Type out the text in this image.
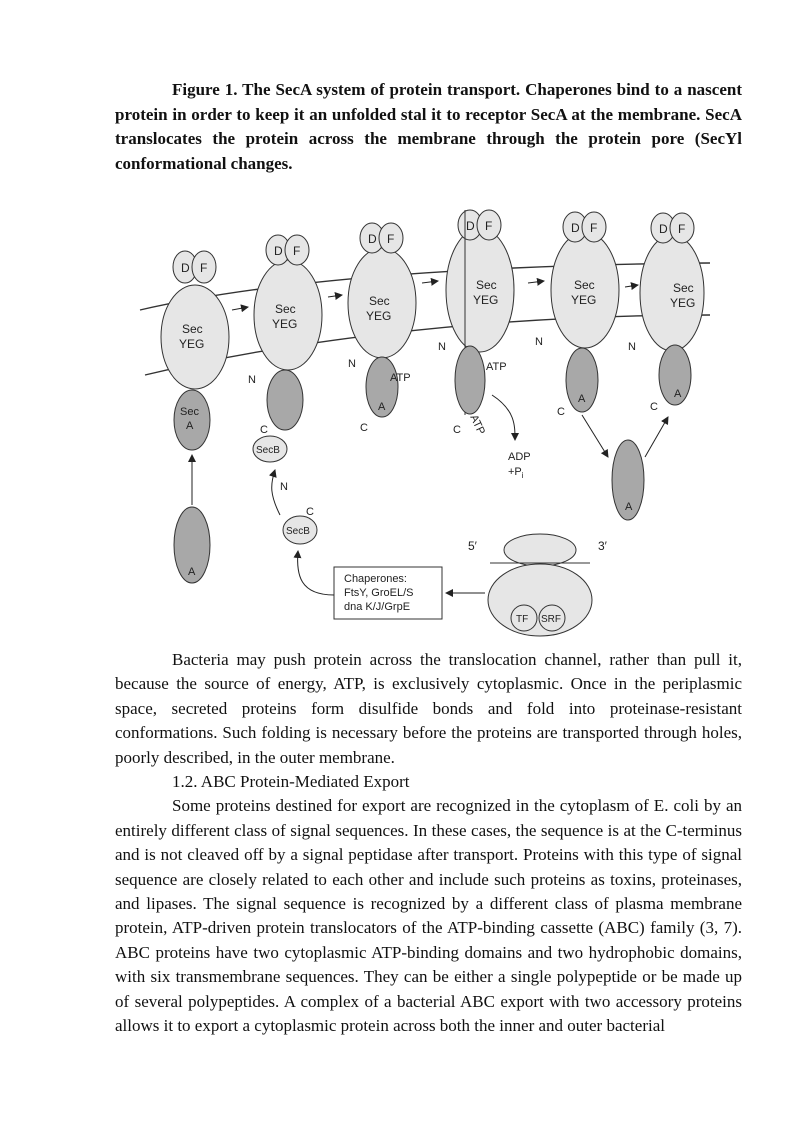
Figure 1. The SecA system of protein transport. Chaperones bind to a nascent protein in order to keep it an unfolded stal it to receptor SecA at the membrane. SecA translocates the protein across the membrane through the protein pore (SecYl conformational changes.
D F
Sec
YEG
Sec
A
A
D F
Sec
YEG
N
C
SecB
SecB
N
C
D F
Sec
YEG
A
ATP
N
C
D F
Sec
YEG
ATP
ATP
N
C
ADP
$+P_i$
D F
Sec
YEG
A
N
C
A
D F
Sec
YEG
A
N
C
5′	3′
TF SRF
Chaperones:
FtsY, GroEL/S
dna K/J/GrpE

Bacteria may push protein across the translocation channel, rather than pull it, because the source of energy, ATP, is exclusively cytoplasmic. Once in the periplasmic space, secreted proteins form disulfide bonds and fold into proteinase-resistant conformations. Such folding is necessary before the proteins are transported through holes, poorly described, in the outer membrane.

1.2. ABC Protein-Mediated Export

Some proteins destined for export are recognized in the cytoplasm of E. coli by an entirely different class of signal sequences. In these cases, the sequence is at the C-terminus and is not cleaved off by a signal peptidase after transport. Proteins with this type of signal sequence are closely related to each other and include such proteins as toxins, proteinases, and lipases. The signal sequence is recognized by a different class of plasma membrane protein, ATP-driven protein translocators of the ATP-binding cassette (ABC) family (3, 7). ABC proteins have two cytoplasmic ATP-binding domains and two hydrophobic domains, with six transmembrane sequences. They can be either a single polypeptide or be made up of several polypeptides. A complex of a bacterial ABC export with two accessory proteins allows it to export a cytoplasmic protein across both the inner and outer bacterial
